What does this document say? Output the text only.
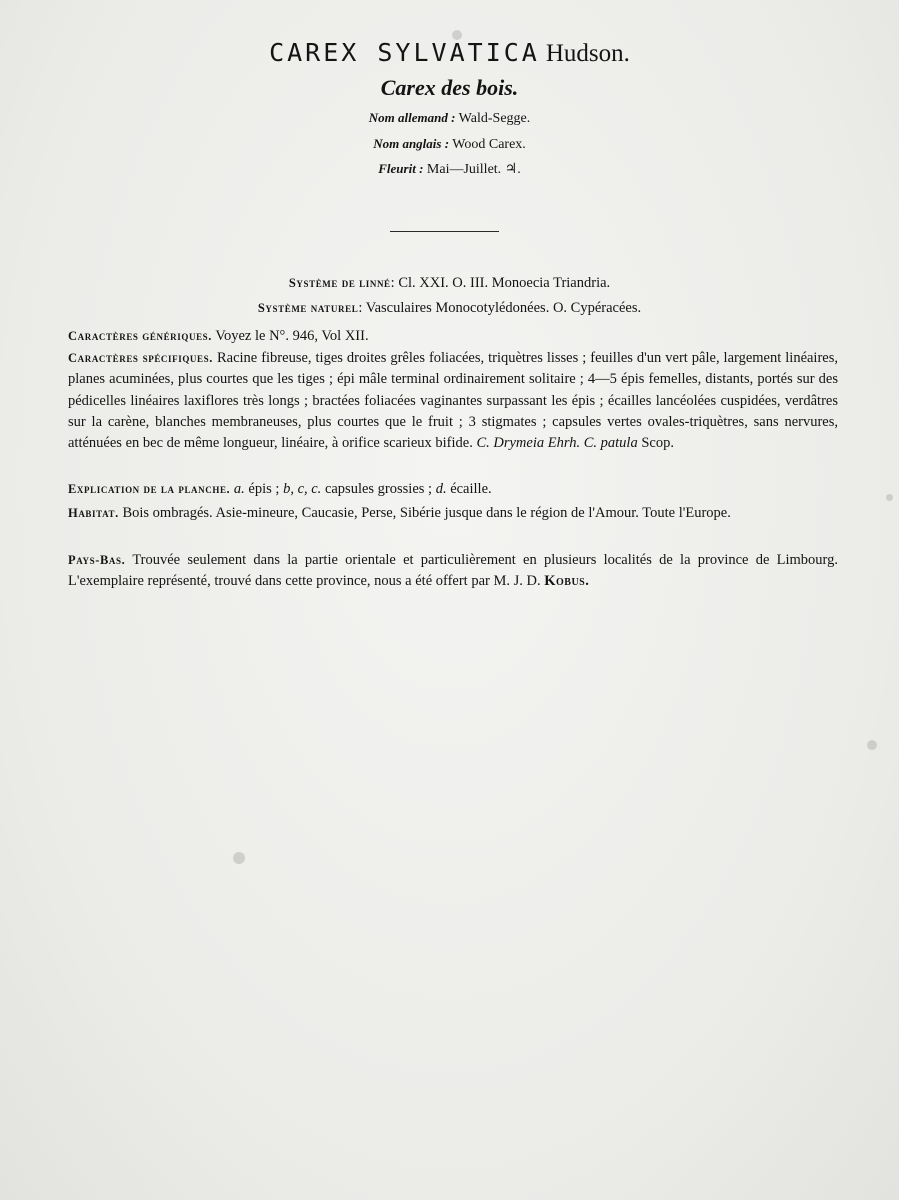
CAREX SYLVATICA Hudson.
Carex des bois.
Nom allemand : Wald-Segge.
Nom anglais : Wood Carex.
Fleurit : Mai—Juillet. ♃.
Système de linné: Cl. XXI. O. III. Monoecia Triandria.
Système naturel: Vasculaires Monocotylédonées. O. Cypéracées.
Caractères génériques. Voyez le N°. 946, Vol XII.
Caractères spécifiques. Racine fibreuse, tiges droites grêles foliacées, triquètres lisses ; feuilles d'un vert pâle, largement linéaires, planes acuminées, plus courtes que les tiges ; épi mâle terminal ordinairement solitaire ; 4—5 épis femelles, distants, portés sur des pédicelles linéaires laxiflores très longs ; bractées foliacées vaginantes surpassant les épis ; écailles lancéolées cuspidées, verdâtres sur la carène, blanches membraneuses, plus courtes que le fruit ; 3 stigmates ; capsules vertes ovales-triquètres, sans nervures, atténuées en bec de même longueur, linéaire, à orifice scarieux bifide. C. Drymeia Ehrh. C. patula Scop.
Explication de la planche. a. épis ; b, c, c. capsules grossies ; d. écaille.
Habitat. Bois ombragés. Asie-mineure, Caucasie, Perse, Sibérie jusque dans le région de l'Amour. Toute l'Europe.
Pays-Bas. Trouvée seulement dans la partie orientale et particulièrement en plusieurs localités de la province de Limbourg. L'exemplaire représenté, trouvé dans cette province, nous a été offert par M. J. D. Kobus.
